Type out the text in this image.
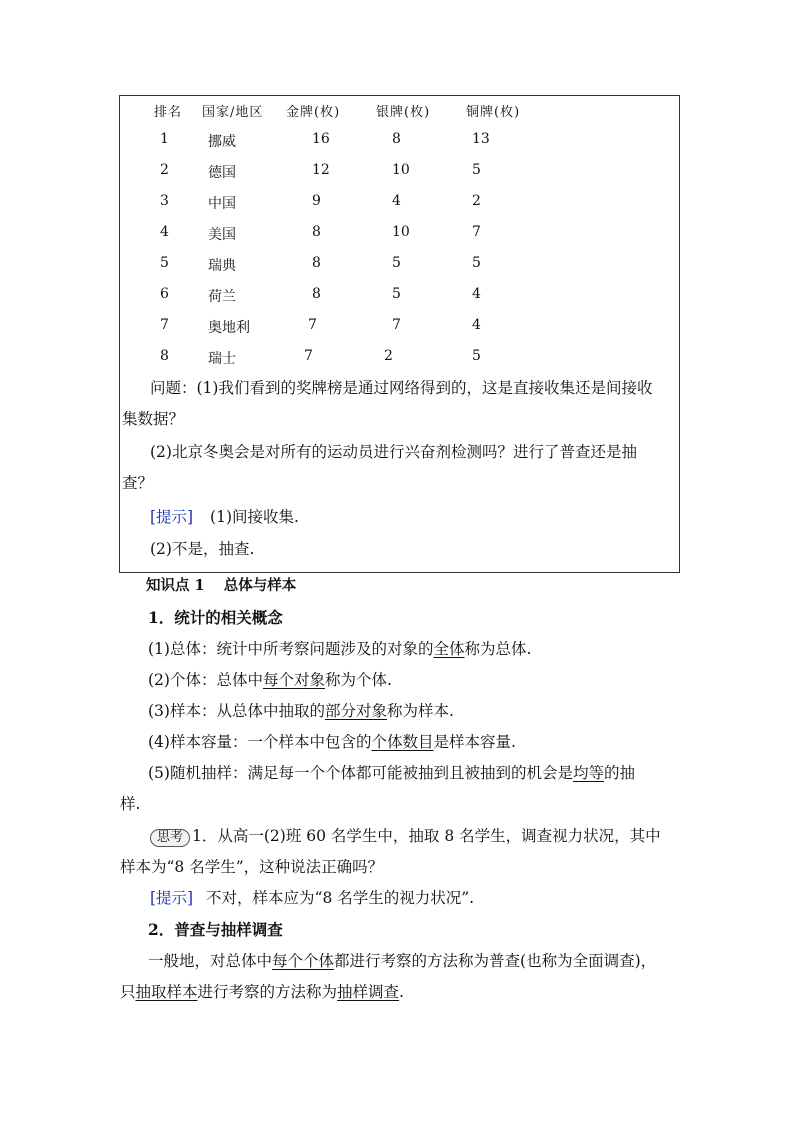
排名 国家/地区 金牌(枚)	银牌(枚)	铜牌(枚)
1	挪威	16	8	13
2	德国	12	10	5
3	中国	9	4	2
4	美国	8	10	7
5	瑞典	8	5	5
6	荷兰	8	5	4
7	奥地利	7	7	4
8	瑞士	7	2	5
问题：(1)我们看到的奖牌榜是通过网络得到的，这是直接收集还是间接收
集数据？
(2)北京冬奥会是对所有的运动员进行兴奋剂检测吗？进行了普查还是抽
查？
[提示] (1)间接收集.
(2)不是，抽查.
知识点 1 总体与样本
1．统计的相关概念
(1)总体：统计中所考察问题涉及的对象的全体称为总体.
(2)个体：总体中每个对象称为个体.
(3)样本：从总体中抽取的部分对象称为样本.
(4)样本容量：一个样本中包含的个体数目是样本容量.
(5)随机抽样：满足每一个个体都可能被抽到且被抽到的机会是均等的抽
样.
思考 1．从高一(2)班 60 名学生中，抽取 8 名学生，调查视力状况，其中
样本为“8 名学生”，这种说法正确吗？
[提示] 不对，样本应为“8 名学生的视力状况”.
2．普查与抽样调查
一般地，对总体中每个个体都进行考察的方法称为普查(也称为全面调查)，
只抽取样本进行考察的方法称为抽样调查.
